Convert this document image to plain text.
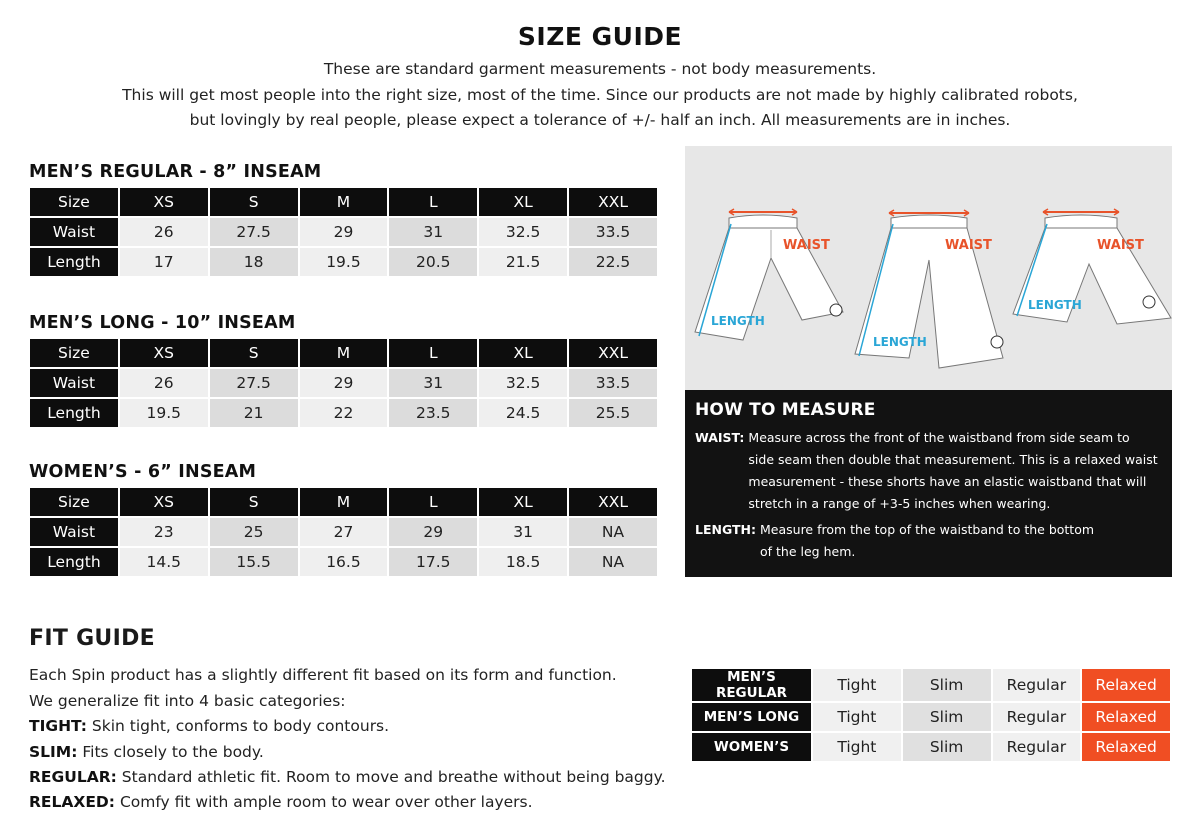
SIZE GUIDE
These are standard garment measurements - not body measurements.
This will get most people into the right size, most of the time. Since our products are not made by highly calibrated robots,
but lovingly by real people, please expect a tolerance of +/- half an inch. All measurements are in inches.
MEN’S REGULAR - 8” INSEAM
Size	XS	S	M	L	XL	XXL
Waist	26	27.5	29	31	32.5	33.5
Length	17	18	19.5	20.5	21.5	22.5
MEN’S LONG - 10” INSEAM
Size	XS	S	M	L	XL	XXL
Waist	26	27.5	29	31	32.5	33.5
Length	19.5	21	22	23.5	24.5	25.5
WOMEN’S - 6” INSEAM
Size	XS	S	M	L	XL	XXL
Waist	23	25	27	29	31	NA
Length	14.5	15.5	16.5	17.5	18.5	NA
WAIST
LENGTH
WAIST
LENGTH
WAIST
LENGTH
HOW TO MEASURE
WAIST: Measure across the front of the waistband from side seam to side seam then double that measurement. This is a relaxed waist measurement - these shorts have an elastic waistband that will stretch in a range of +3-5 inches when wearing.
LENGTH: Measure from the top of the waistband to the bottom of the leg hem.
FIT GUIDE
Each Spin product has a slightly different fit based on its form and function.
We generalize fit into 4 basic categories:
TIGHT: Skin tight, conforms to body contours.
SLIM: Fits closely to the body.
REGULAR: Standard athletic fit. Room to move and breathe without being baggy.
RELAXED: Comfy fit with ample room to wear over other layers.
MEN’S REGULAR	Tight	Slim	Regular	Relaxed
MEN’S LONG	Tight	Slim	Regular	Relaxed
WOMEN’S	Tight	Slim	Regular	Relaxed
